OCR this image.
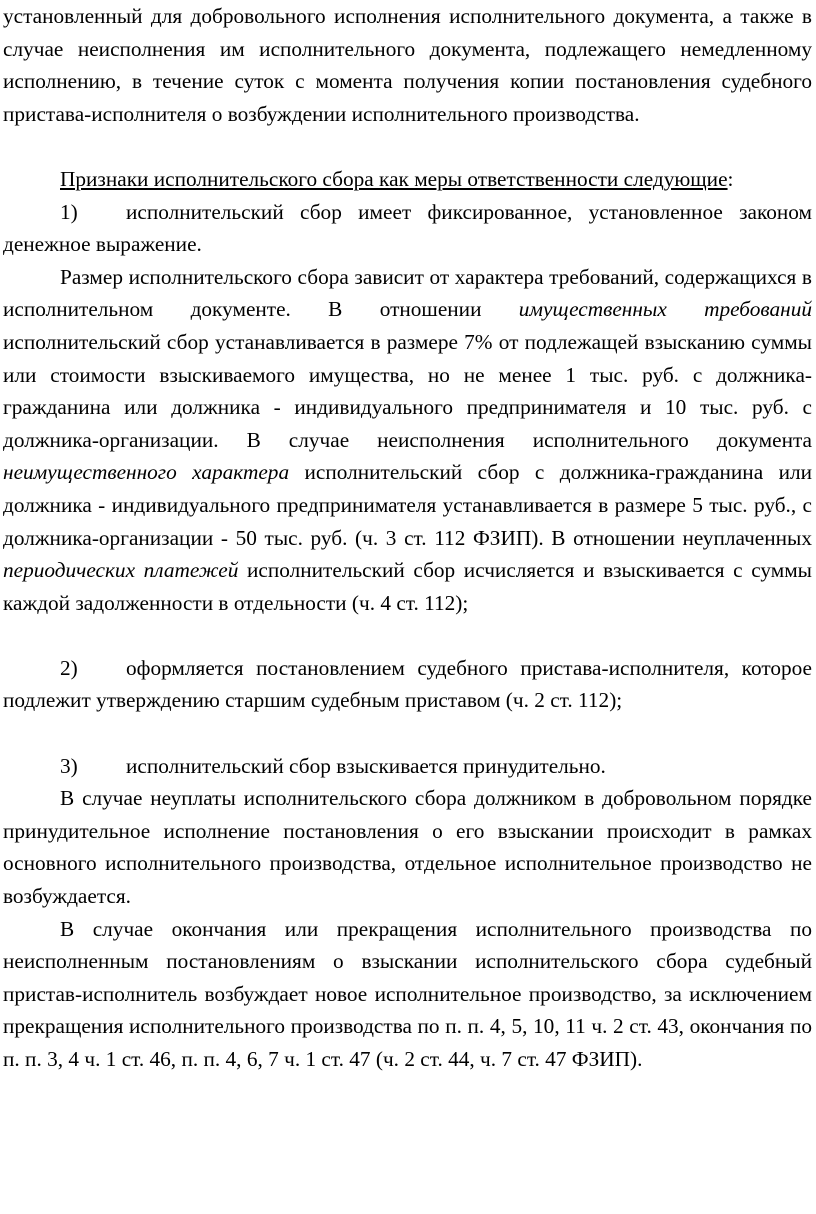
установленный для добровольного исполнения исполнительного документа, а также в случае неисполнения им исполнительного документа, подлежащего немедленному исполнению, в течение суток с момента получения копии постановления судебного пристава-исполнителя о возбуждении исполнительного производства.

Признаки исполнительского сбора как меры ответственности следующие:

1) исполнительский сбор имеет фиксированное, установленное законом денежное выражение.

Размер исполнительского сбора зависит от характера требований, содержащихся в исполнительном документе. В отношении имущественных требований исполнительский сбор устанавливается в размере 7% от подлежащей взысканию суммы или стоимости взыскиваемого имущества, но не менее 1 тыс. руб. с должника-гражданина или должника - индивидуального предпринимателя и 10 тыс. руб. с должника-организации. В случае неисполнения исполнительного документа неимущественного характера исполнительский сбор с должника-гражданина или должника - индивидуального предпринимателя устанавливается в размере 5 тыс. руб., с должника-организации - 50 тыс. руб. (ч. 3 ст. 112 ФЗИП). В отношении неуплаченных периодических платежей исполнительский сбор исчисляется и взыскивается с суммы каждой задолженности в отдельности (ч. 4 ст. 112);

2) оформляется постановлением судебного пристава-исполнителя, которое подлежит утверждению старшим судебным приставом (ч. 2 ст. 112);

3) исполнительский сбор взыскивается принудительно.

В случае неуплаты исполнительского сбора должником в добровольном порядке принудительное исполнение постановления о его взыскании происходит в рамках основного исполнительного производства, отдельное исполнительное производство не возбуждается.

В случае окончания или прекращения исполнительного производства по неисполненным постановлениям о взыскании исполнительского сбора судебный пристав-исполнитель возбуждает новое исполнительное производство, за исключением прекращения исполнительного производства по п. п. 4, 5, 10, 11 ч. 2 ст. 43, окончания по п. п. 3, 4 ч. 1 ст. 46, п. п. 4, 6, 7 ч. 1 ст. 47 (ч. 2 ст. 44, ч. 7 ст. 47 ФЗИП).
